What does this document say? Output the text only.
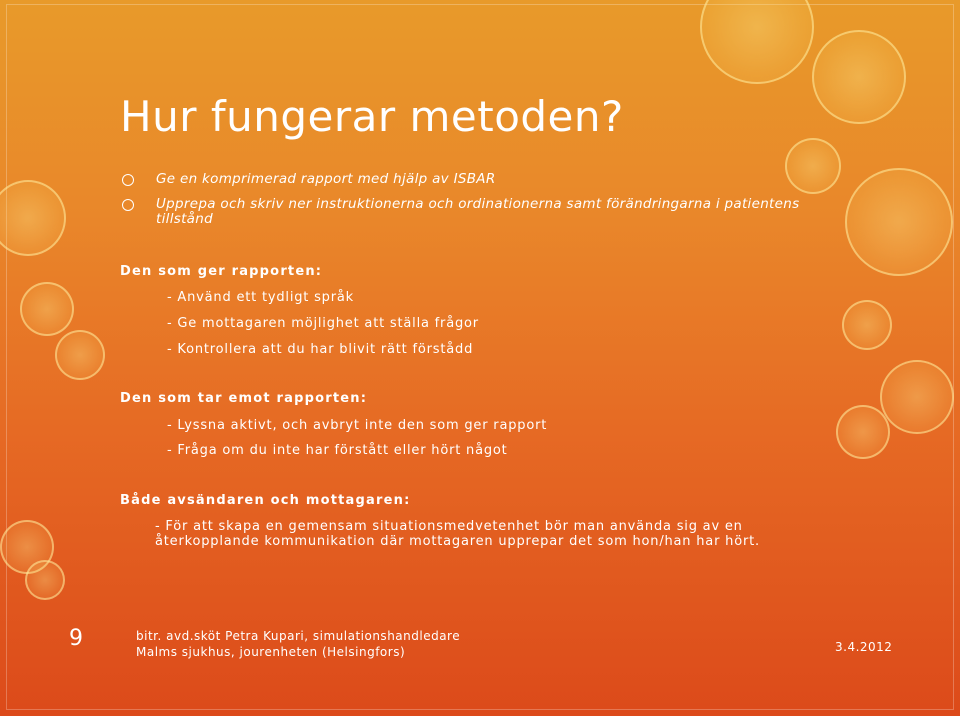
Hur fungerar metoden?
Ge en komprimerad rapport med hjälp av ISBAR
Upprepa och skriv ner instruktionerna och ordinationerna samt förändringarna i patientens tillstånd
Den som ger rapporten:
- Använd ett tydligt språk
- Ge mottagaren möjlighet att ställa frågor
- Kontrollera att du har blivit rätt förstådd
Den som tar emot rapporten:
- Lyssna aktivt, och avbryt inte den som ger rapport
- Fråga om du inte har förstått eller hört något
Både avsändaren och mottagaren:
- För att skapa en gemensam situationsmedvetenhet bör man använda sig av en återkopplande kommunikation där mottagaren upprepar det som hon/han har hört.
9	bitr. avd.sköt Petra Kupari, simulationshandledare
Malms sjukhus, jourenheten (Helsingfors)	3.4.2012
